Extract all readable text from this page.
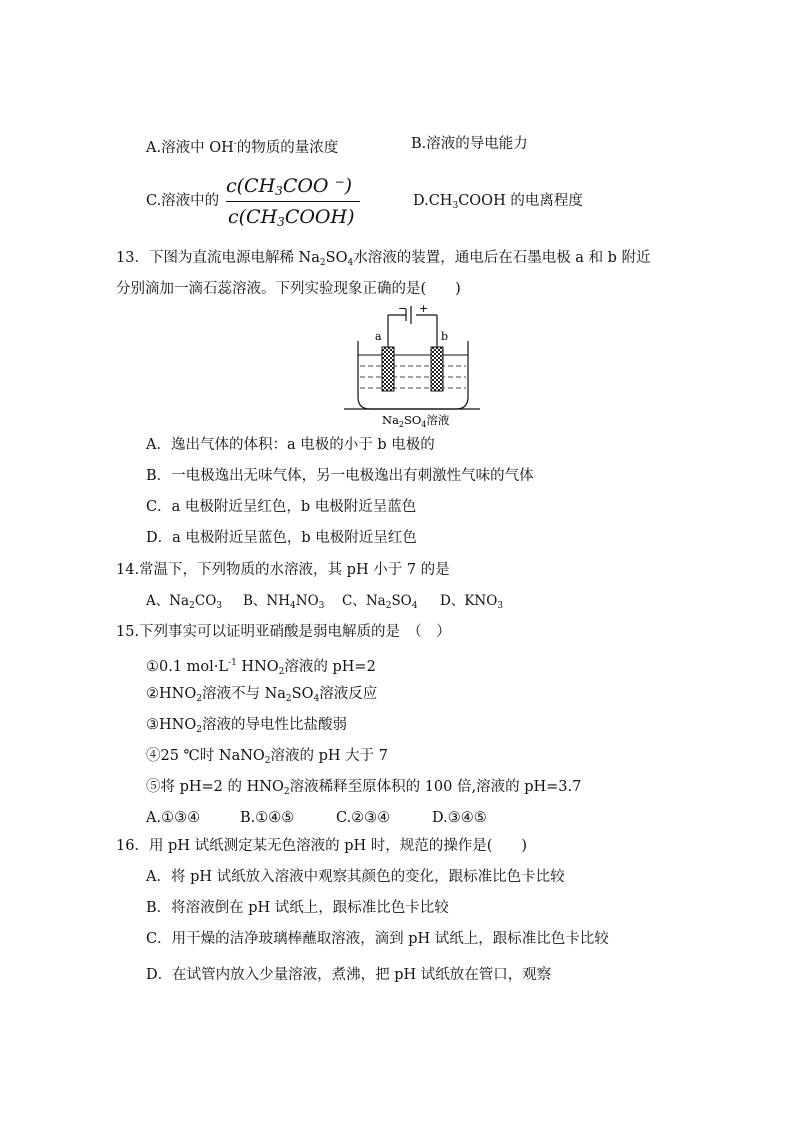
A.溶液中 OH-的物质的量浓度	B.溶液的导电能力
C.溶液中的
$c(CH_3COO$ −)
$c(CH_3COOH)$
$D.CH_3COOH$ 的电离程度
13．下图为直流电源电解稀 $Na_2SO_4$水溶液的装置，通电后在石墨电极 a 和 b 附近
分别滴加一滴石蕊溶液。下列实验现象正确的是(　　)
− +
a	b
$Na_2SO_4$溶液
A．逸出气体的体积：a 电极的小于 b 电极的
B．一电极逸出无味气体，另一电极逸出有刺激性气味的气体
C．a 电极附近呈红色，b 电极附近呈蓝色
D．a 电极附近呈蓝色，b 电极附近呈红色
14.常温下，下列物质的水溶液，其 pH 小于 7 的是
A、$Na_2CO_3$ B、$NH_4NO_3$ C、$Na_2SO_4$ D、$KNO_3$
15.下列事实可以证明亚硝酸是弱电解质的是　（　）
①0.1 $mol\cdot L^{-1}$ $HNO_2$溶液的 pH=2
$②HNO_2$溶液不与 $Na_2SO_4$溶液反应
$③HNO_2$溶液的导电性比盐酸弱
④25 ℃时 NaNO$_2$溶液的 pH 大于 7
⑤将 pH=2 的 $HNO_2$溶液稀释至原体积的 100 倍,溶液的 pH=3.7
A.①③④	B.①④⑤	C.②③④	D.③④⑤
16．用 pH 试纸测定某无色溶液的 pH 时，规范的操作是(　　)
A．将 pH 试纸放入溶液中观察其颜色的变化，跟标准比色卡比较
B．将溶液倒在 pH 试纸上，跟标准比色卡比较
C．用干燥的洁净玻璃棒蘸取溶液，滴到 pH 试纸上，跟标准比色卡比较
D．在试管内放入少量溶液，煮沸，把 pH 试纸放在管口，观察
